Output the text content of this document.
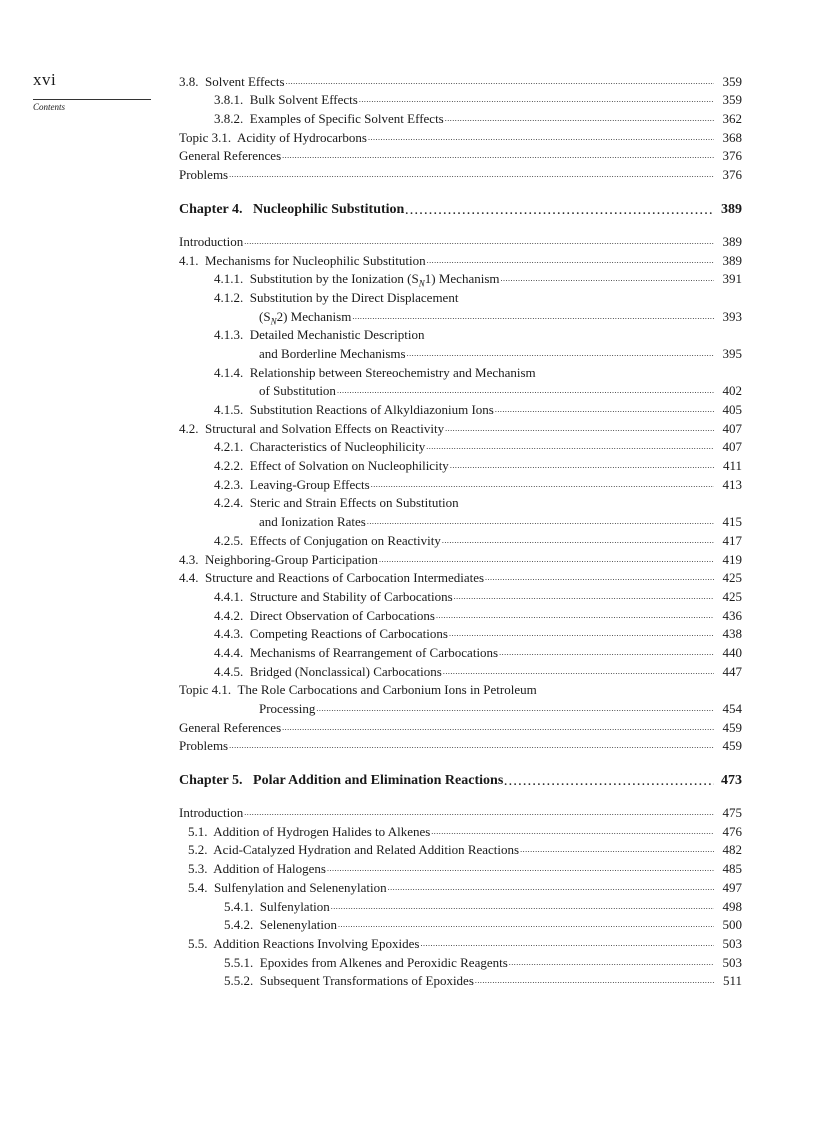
xvi
Contents
3.8. Solvent Effects .....	359
3.8.1. Bulk Solvent Effects .....	359
3.8.2. Examples of Specific Solvent Effects .....	362
Topic 3.1. Acidity of Hydrocarbons .....	368
General References .....	376
Problems .....	376
Chapter 4. Nucleophilic Substitution .....	389
Introduction .....	389
4.1. Mechanisms for Nucleophilic Substitution .....	389
4.1.1. Substitution by the Ionization $(S_N1)$ Mechanism .....	391
4.1.2. Substitution by the Direct Displacement
$(S_N2)$ Mechanism .....	393
4.1.3. Detailed Mechanistic Description
and Borderline Mechanisms .....	395
4.1.4. Relationship between Stereochemistry and Mechanism
of Substitution .....	402
4.1.5. Substitution Reactions of Alkyldiazonium Ions .....	405
4.2. Structural and Solvation Effects on Reactivity .....	407
4.2.1. Characteristics of Nucleophilicity .....	407
4.2.2. Effect of Solvation on Nucleophilicity .....	411
4.2.3. Leaving-Group Effects .....	413
4.2.4. Steric and Strain Effects on Substitution
and Ionization Rates .....	415
4.2.5. Effects of Conjugation on Reactivity .....	417
4.3. Neighboring-Group Participation .....	419
4.4. Structure and Reactions of Carbocation Intermediates .....	425
4.4.1. Structure and Stability of Carbocations .....	425
4.4.2. Direct Observation of Carbocations .....	436
4.4.3. Competing Reactions of Carbocations .....	438
4.4.4. Mechanisms of Rearrangement of Carbocations .....	440
4.4.5. Bridged (Nonclassical) Carbocations .....	447
Topic 4.1. The Role Carbocations and Carbonium Ions in Petroleum
Processing .....	454
General References .....	459
Problems .....	459
Chapter 5. Polar Addition and Elimination Reactions .....	473
Introduction .....	475
5.1. Addition of Hydrogen Halides to Alkenes .....	476
5.2. Acid-Catalyzed Hydration and Related Addition Reactions .....	482
5.3. Addition of Halogens .....	485
5.4. Sulfenylation and Selenenylation .....	497
5.4.1. Sulfenylation .....	498
5.4.2. Selenenylation .....	500
5.5. Addition Reactions Involving Epoxides .....	503
5.5.1. Epoxides from Alkenes and Peroxidic Reagents .....	503
5.5.2. Subsequent Transformations of Epoxides .....	511
